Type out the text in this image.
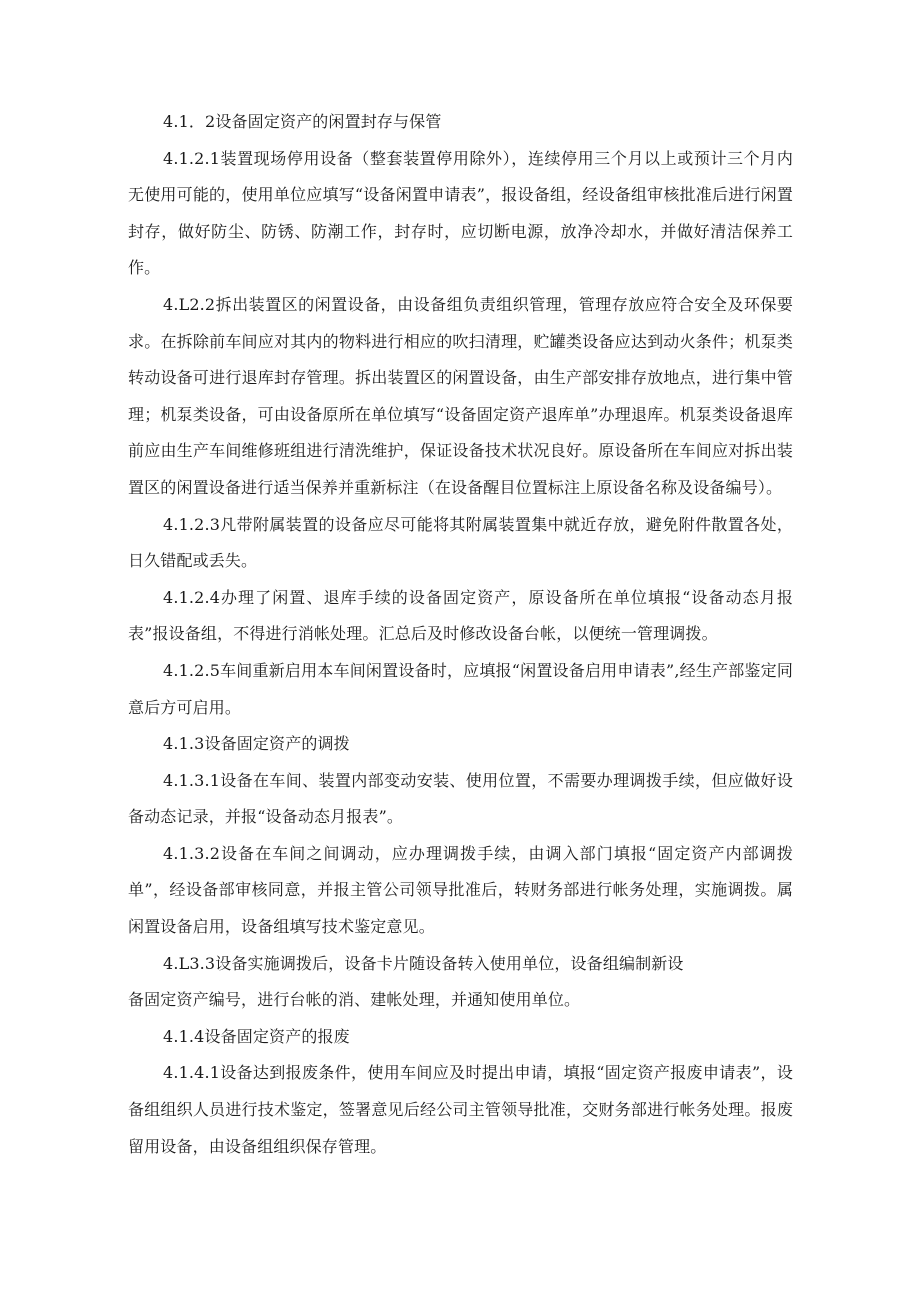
4.1．2设备固定资产的闲置封存与保管

4.1.2.1装置现场停用设备（整套装置停用除外），连续停用三个月以上或预计三个月内无使用可能的，使用单位应填写“设备闲置申请表”，报设备组，经设备组审核批准后进行闲置封存，做好防尘、防锈、防潮工作，封存时，应切断电源，放净冷却水，并做好清洁保养工作。

4.L2.2拆出装置区的闲置设备，由设备组负责组织管理，管理存放应符合安全及环保要求。在拆除前车间应对其内的物料进行相应的吹扫清理，贮罐类设备应达到动火条件；机泵类转动设备可进行退库封存管理。拆出装置区的闲置设备，由生产部安排存放地点，进行集中管理；机泵类设备，可由设备原所在单位填写“设备固定资产退库单”办理退库。机泵类设备退库前应由生产车间维修班组进行清洗维护，保证设备技术状况良好。原设备所在车间应对拆出装置区的闲置设备进行适当保养并重新标注（在设备醒目位置标注上原设备名称及设备编号）。

4.1.2.3凡带附属装置的设备应尽可能将其附属装置集中就近存放，避免附件散置各处，日久错配或丢失。

4.1.2.4办理了闲置、退库手续的设备固定资产，原设备所在单位填报“设备动态月报表”报设备组，不得进行消帐处理。汇总后及时修改设备台帐，以便统一管理调拨。

4.1.2.5车间重新启用本车间闲置设备时，应填报“闲置设备启用申请表”,经生产部鉴定同意后方可启用。

4.1.3设备固定资产的调拨

4.1.3.1设备在车间、装置内部变动安装、使用位置，不需要办理调拨手续，但应做好设备动态记录，并报“设备动态月报表”。

4.1.3.2设备在车间之间调动，应办理调拨手续，由调入部门填报“固定资产内部调拨单”，经设备部审核同意，并报主管公司领导批准后，转财务部进行帐务处理，实施调拨。属闲置设备启用，设备组填写技术鉴定意见。

4.L3.3设备实施调拨后，设备卡片随设备转入使用单位，设备组编制新设

备固定资产编号，进行台帐的消、建帐处理，并通知使用单位。

4.1.4设备固定资产的报废

4.1.4.1设备达到报废条件，使用车间应及时提出申请，填报“固定资产报废申请表”，设备组组织人员进行技术鉴定，签署意见后经公司主管领导批准，交财务部进行帐务处理。报废留用设备，由设备组组织保存管理。
